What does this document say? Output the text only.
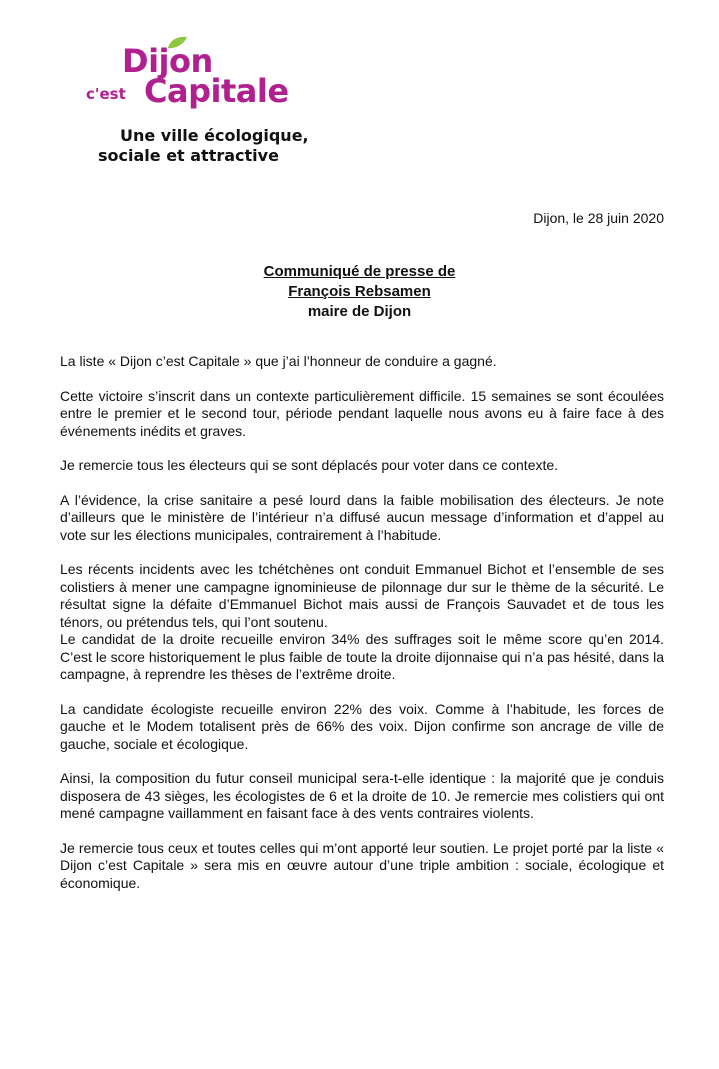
Dijon
c'est Capitale
Une ville écologique,
sociale et attractive
Dijon, le 28 juin 2020
Communiqué de presse de
François Rebsamen
maire de Dijon

La liste « Dijon c’est Capitale » que j’ai l’honneur de conduire a gagné.

Cette victoire s’inscrit dans un contexte particulièrement difficile. 15 semaines se sont écoulées entre le premier et le second tour, période pendant laquelle nous avons eu à faire face à des événements inédits et graves.

Je remercie tous les électeurs qui se sont déplacés pour voter dans ce contexte.

A l’évidence, la crise sanitaire a pesé lourd dans la faible mobilisation des électeurs. Je note d’ailleurs que le ministère de l’intérieur n’a diffusé aucun message d’information et d’appel au vote sur les élections municipales, contrairement à l’habitude.

Les récents incidents avec les tchétchènes ont conduit Emmanuel Bichot et l’ensemble de ses colistiers à mener une campagne ignominieuse de pilonnage dur sur le thème de la sécurité. Le résultat signe la défaite d’Emmanuel Bichot mais aussi de François Sauvadet et de tous les ténors, ou prétendus tels, qui l’ont soutenu.

Le candidat de la droite recueille environ 34% des suffrages soit le même score qu’en 2014. C’est le score historiquement le plus faible de toute la droite dijonnaise qui n’a pas hésité, dans la campagne, à reprendre les thèses de l’extrême droite.

La candidate écologiste recueille environ 22% des voix. Comme à l’habitude, les forces de gauche et le Modem totalisent près de 66% des voix. Dijon confirme son ancrage de ville de gauche, sociale et écologique.

Ainsi, la composition du futur conseil municipal sera-t-elle identique : la majorité que je conduis disposera de 43 sièges, les écologistes de 6 et la droite de 10. Je remercie mes colistiers qui ont mené campagne vaillamment en faisant face à des vents contraires violents.

Je remercie tous ceux et toutes celles qui m’ont apporté leur soutien. Le projet porté par la liste « Dijon c’est Capitale » sera mis en œuvre autour d’une triple ambition : sociale, écologique et économique.
